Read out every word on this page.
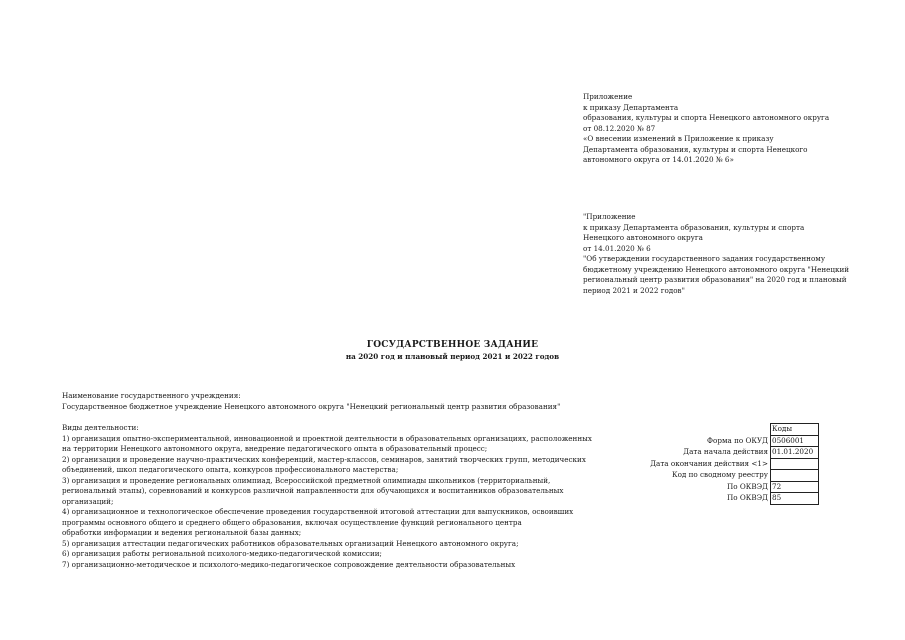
Приложение
к приказу Департамента
образования, культуры и спорта Ненецкого автономного округа
от 08.12.2020 № 87
«О внесении изменений в Приложение к приказу
Департамента образования, культуры и спорта Ненецкого
автономного округа от 14.01.2020 № 6»
"Приложение
к приказу Департамента образования, культуры и спорта
Ненецкого автономного округа
от 14.01.2020 № 6
"Об утверждении государственного задания государственному
бюджетному учреждению Ненецкого автономного округа "Ненецкий
региональный центр развития образования" на 2020 год и плановый
период 2021 и 2022 годов"
ГОСУДАРСТВЕННОЕ ЗАДАНИЕ
на 2020 год и плановый период 2021 и 2022 годов
Наименование государственного учреждения:
Государственное бюджетное учреждение Ненецкого автономного округа "Ненецкий региональный центр развития образования"
Виды деятельности:
1) организация опытно-экспериментальной, инновационной и проектной деятельности в образовательных организациях, расположенных
на территории Ненецкого автономного округа, внедрение педагогического опыта в образовательный процесс;
2) организация и проведение научно-практических конференций, мастер-классов, семинаров, занятий творческих групп, методических
объединений, школ педагогического опыта, конкурсов профессионального мастерства;
3) организация и проведение региональных олимпиад, Всероссийской предметной олимпиады школьников (территориальный,
региональный этапы), соревнований и конкурсов различной направленности для обучающихся и воспитанников образовательных
организаций;
4) организационное и технологическое обеспечение проведения государственной итоговой аттестации для выпускников, освоивших
программы основного общего и среднего общего образования, включая осуществление функций регионального центра
обработки информации и ведения региональной базы данных;
5) организация аттестации педагогических работников образовательных организаций Ненецкого автономного округа;
6) организация работы региональной психолого-медико-педагогической комиссии;
7) организационно-методическое и психолого-медико-педагогическое сопровождение деятельности образовательных
	Коды
Форма по ОКУД	0506001
Дата начала действия	01.01.2020
Дата окончания действия <1>	
Код по сводному реестру	
По ОКВЭД	72
По ОКВЭД	85
